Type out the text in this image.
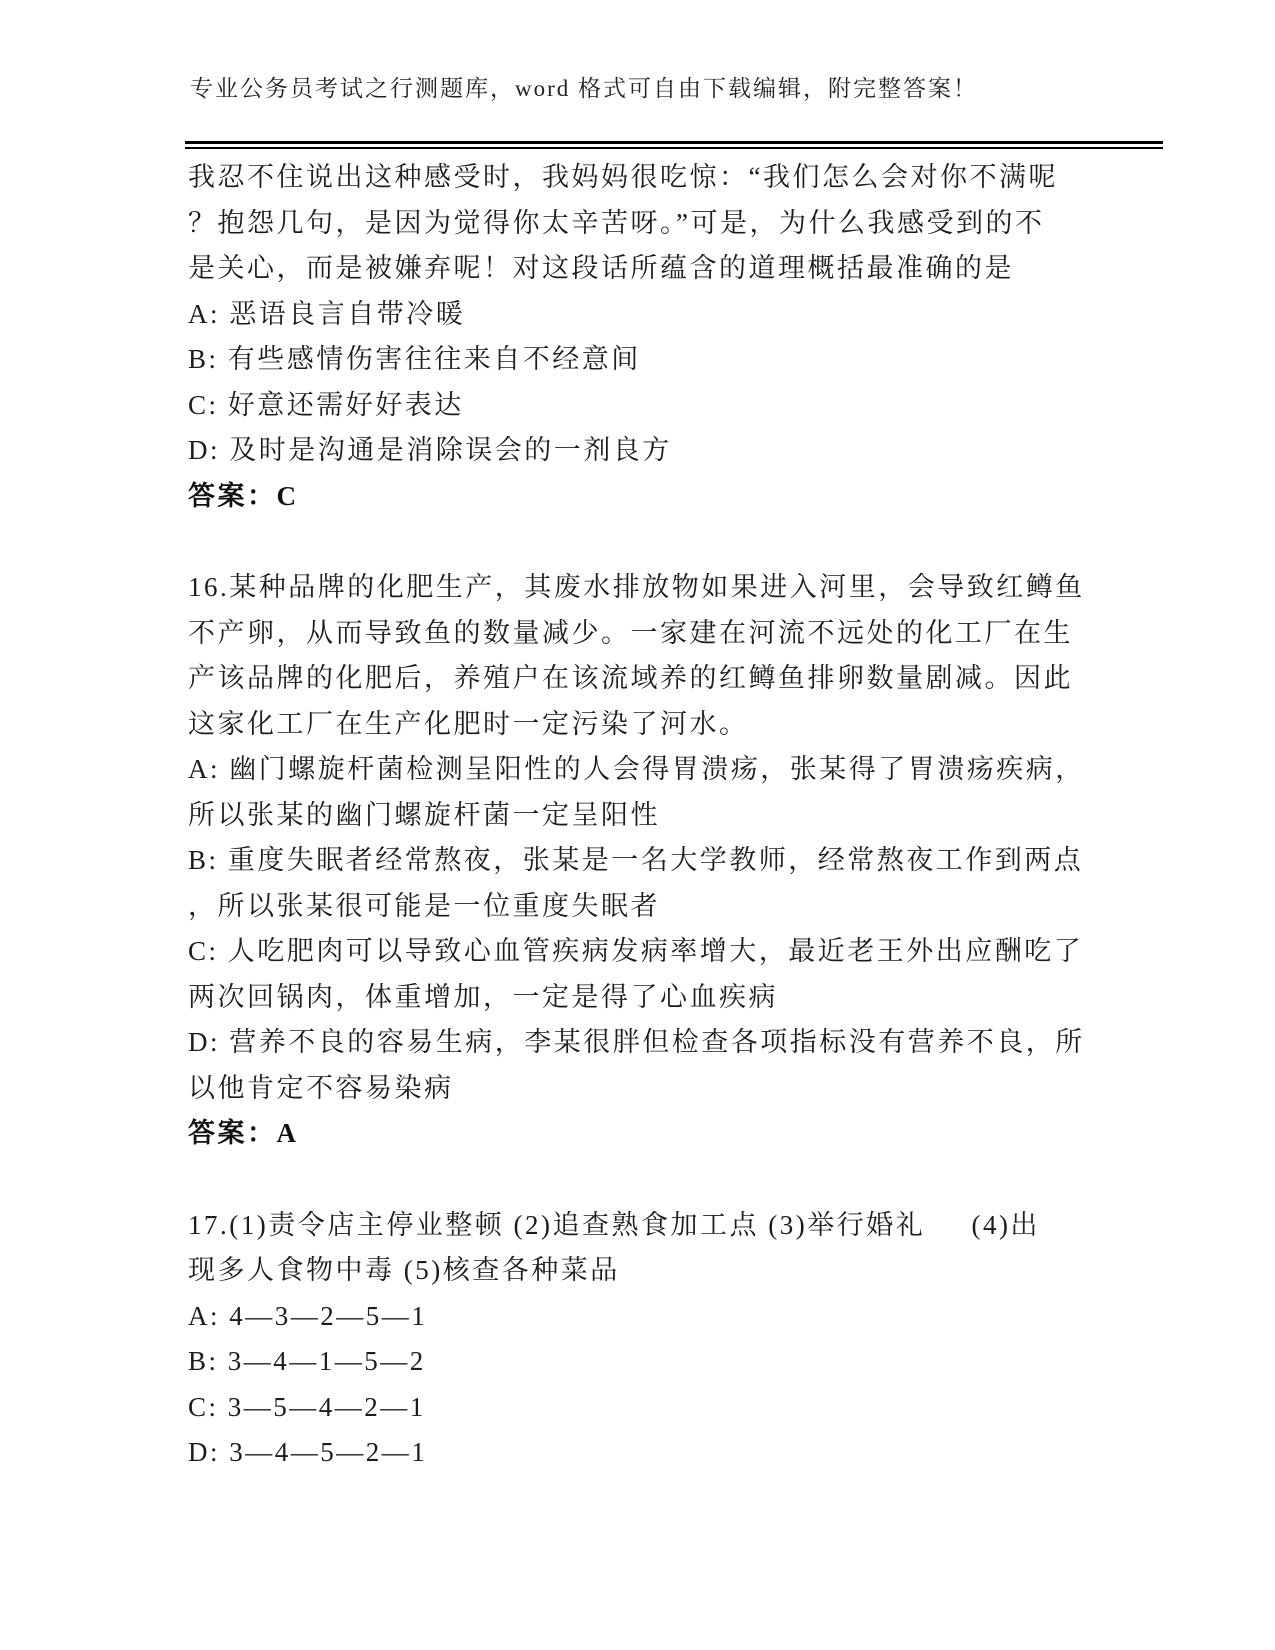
专业公务员考试之行测题库，word 格式可自由下载编辑，附完整答案！
我忍不住说出这种感受时，我妈妈很吃惊：“我们怎么会对你不满呢
？抱怨几句，是因为觉得你太辛苦呀。”可是，为什么我感受到的不
是关心，而是被嫌弃呢！对这段话所蕴含的道理概括最准确的是
A: 恶语良言自带冷暖
B: 有些感情伤害往往来自不经意间
C: 好意还需好好表达
D: 及时是沟通是消除误会的一剂良方
答案：C
16.某种品牌的化肥生产，其废水排放物如果进入河里，会导致红鳟鱼
不产卵，从而导致鱼的数量减少。一家建在河流不远处的化工厂在生
产该品牌的化肥后，养殖户在该流域养的红鳟鱼排卵数量剧减。因此
这家化工厂在生产化肥时一定污染了河水。
A: 幽门螺旋杆菌检测呈阳性的人会得胃溃疡，张某得了胃溃疡疾病，
所以张某的幽门螺旋杆菌一定呈阳性
B: 重度失眠者经常熬夜，张某是一名大学教师，经常熬夜工作到两点
，所以张某很可能是一位重度失眠者
C: 人吃肥肉可以导致心血管疾病发病率增大，最近老王外出应酬吃了
两次回锅肉，体重增加，一定是得了心血疾病
D: 营养不良的容易生病，李某很胖但检查各项指标没有营养不良，所
以他肯定不容易染病
答案：A
17.(1)责令店主停业整顿 (2)追查熟食加工点 (3)举行婚礼     (4)出
现多人食物中毒 (5)核查各种菜品
A: 4—3—2—5—1
B: 3—4—1—5—2
C: 3—5—4—2—1
D: 3—4—5—2—1
